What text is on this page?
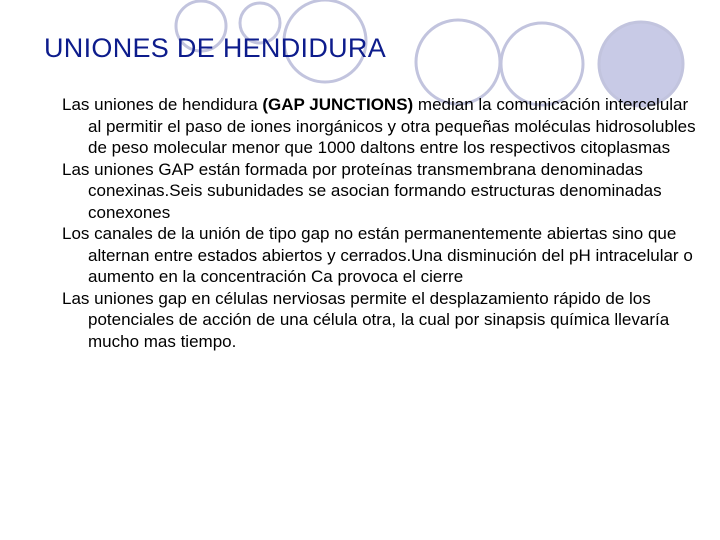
UNIONES DE HENDIDURA

Las uniones de hendidura (GAP JUNCTIONS) median la comunicación intercelular al permitir el paso de iones inorgánicos y otra pequeñas moléculas hidrosolubles de peso molecular menor que 1000 daltons entre los respectivos citoplasmas

Las uniones GAP están formada por proteínas transmembrana denominadas conexinas.Seis subunidades se asocian formando estructuras denominadas conexones

Los canales de la unión de tipo gap no están permanentemente abiertas sino que alternan entre estados abiertos y cerrados.Una disminución del pH intracelular o aumento en la concentración Ca provoca el cierre

Las uniones gap en células nerviosas permite el desplazamiento rápido de los potenciales de acción de una célula otra, la cual por sinapsis química llevaría mucho mas tiempo.
